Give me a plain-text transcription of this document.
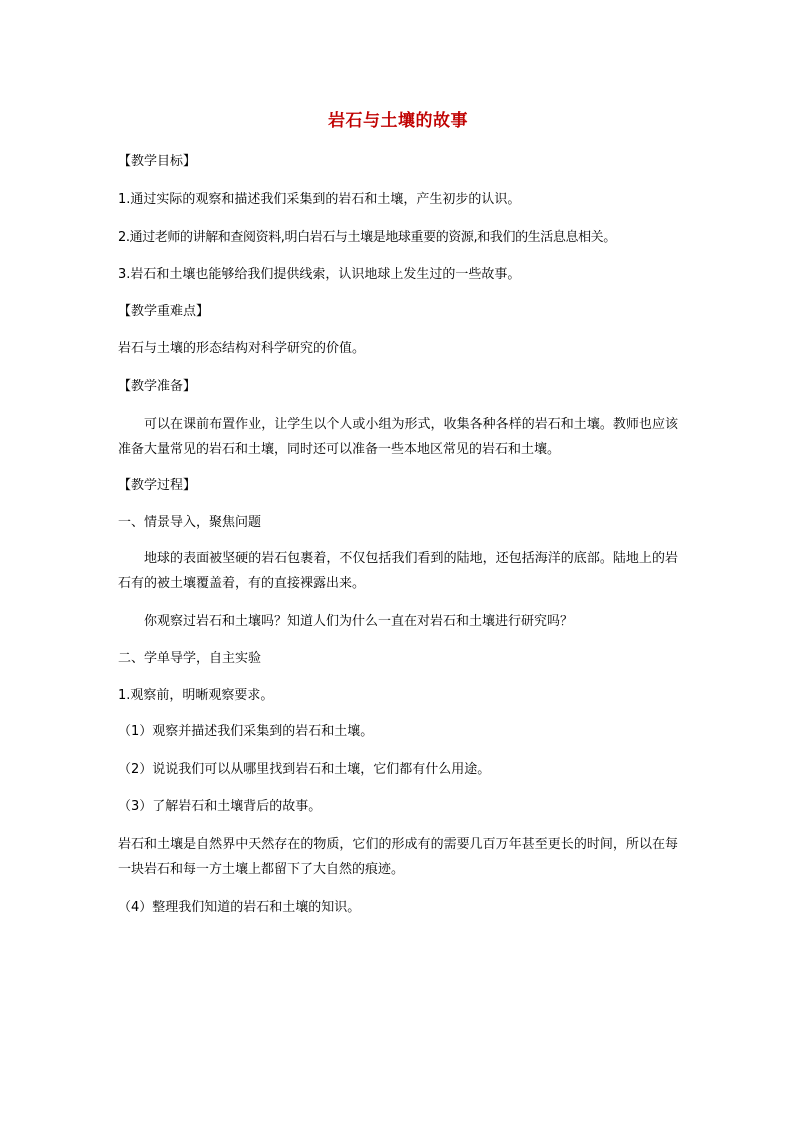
岩石与土壤的故事
【教学目标】
1.通过实际的观察和描述我们采集到的岩石和土壤，产生初步的认识。
2.通过老师的讲解和查阅资料,明白岩石与土壤是地球重要的资源,和我们的生活息息相关。
3.岩石和土壤也能够给我们提供线索，认识地球上发生过的一些故事。
【教学重难点】
岩石与土壤的形态结构对科学研究的价值。
【教学准备】
可以在课前布置作业，让学生以个人或小组为形式，收集各种各样的岩石和土壤。教师也应该准备大量常见的岩石和土壤，同时还可以准备一些本地区常见的岩石和土壤。
【教学过程】
一、情景导入，聚焦问题
地球的表面被坚硬的岩石包裹着，不仅包括我们看到的陆地，还包括海洋的底部。陆地上的岩石有的被土壤覆盖着，有的直接裸露出来。
你观察过岩石和土壤吗？知道人们为什么一直在对岩石和土壤进行研究吗？
二、学单导学，自主实验
1.观察前，明晰观察要求。
（1）观察并描述我们采集到的岩石和土壤。
（2）说说我们可以从哪里找到岩石和土壤，它们都有什么用途。
（3）了解岩石和土壤背后的故事。
岩石和土壤是自然界中天然存在的物质，它们的形成有的需要几百万年甚至更长的时间，所以在每一块岩石和每一方土壤上都留下了大自然的痕迹。
（4）整理我们知道的岩石和土壤的知识。
